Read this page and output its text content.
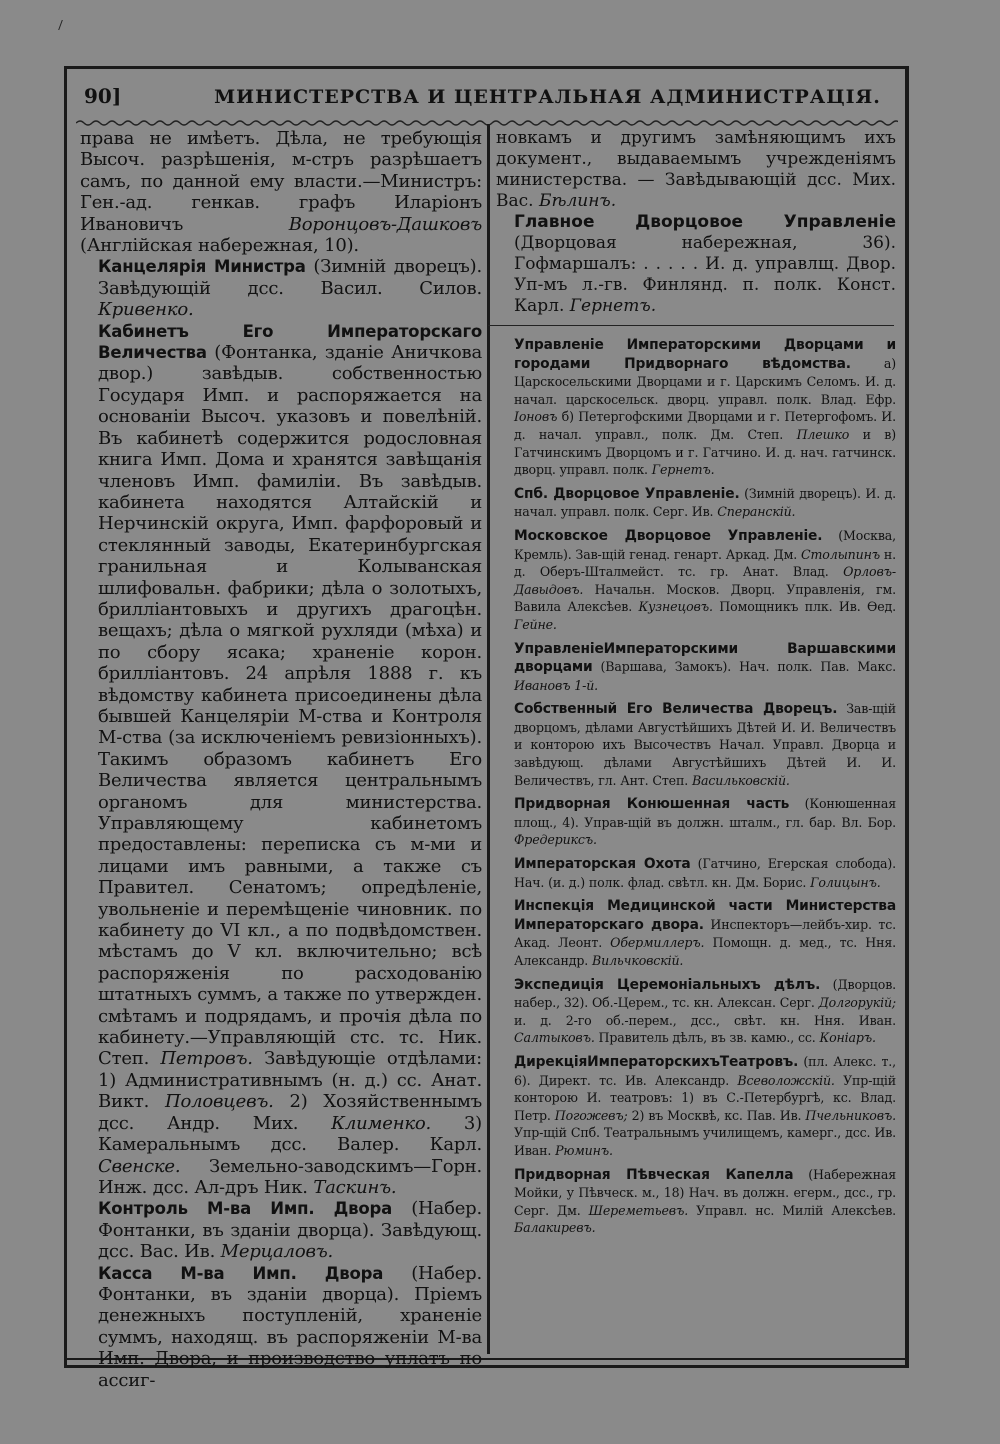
90]	МИНИСТЕРСТВА И ЦЕНТРАЛЬНАЯ АДМИНИСТРАЦІЯ.

права не имѣетъ. Дѣла, не требующія Высоч. разрѣшенія, м-стръ разрѣшаетъ самъ, по данной ему власти.—Министръ: Ген.-ад. генкав. графъ Иларіонъ Ивановичъ Воронцовъ-Дашковъ (Англійская набережная, 10).

Канцелярія Министра (Зимній дворецъ). Завѣдующій дсс. Васил. Силов. Кривенко.

Кабинетъ Его Императорскаго Величества (Фонтанка, зданіе Аничкова двор.) завѣдыв. собственностью Государя Имп. и распоряжается на основаніи Высоч. указовъ и повелѣній. Въ кабинетѣ содержится родословная книга Имп. Дома и хранятся завѣщанія членовъ Имп. фамиліи. Въ завѣдыв. кабинета находятся Алтайскій и Нерчинскій округа, Имп. фарфоровый и стеклянный заводы, Екатеринбургская гранильная и Колыванская шлифовальн. фабрики; дѣла о золотыхъ, брилліантовыхъ и другихъ драгоцѣн. вещахъ; дѣла о мягкой рухляди (мѣха) и по сбору ясака; храненіе корон. брилліантовъ. 24 апрѣля 1888 г. къ вѣдомству кабинета присоединены дѣла бывшей Канцеляріи М-ства и Контроля М-ства (за исключеніемъ ревизіонныхъ). Такимъ образомъ кабинетъ Его Величества является центральнымъ органомъ для министерства. Управляющему кабинетомъ предоставлены: переписка съ м-ми и лицами имъ равными, а также съ Правител. Сенатомъ; опредѣленіе, увольненіе и перемѣщеніе чиновник. по кабинету до VI кл., а по подвѣдомствен. мѣстамъ до V кл. включительно; всѣ распоряженія по расходованію штатныхъ суммъ, а также по утвержден. смѣтамъ и подрядамъ, и прочія дѣла по кабинету.—Управляющій стс. тс. Ник. Степ. Петровъ. Завѣдующіе отдѣлами: 1) Административнымъ (н. д.) сс. Анат. Викт. Половцевъ. 2) Хозяйственнымъ дсс. Андр. Мих. Клименко. 3) Камеральнымъ дсс. Валер. Карл. Свенске. Земельно-заводскимъ—Горн. Инж. дсс. Ал-дръ Ник. Таскинъ.

Контроль М-ва Имп. Двора (Набер. Фонтанки, въ зданіи дворца). Завѣдующ. дсс. Вас. Ив. Мерцаловъ.

Касса М-ва Имп. Двора (Набер. Фонтанки, въ зданіи дворца). Пріемъ денежныхъ поступленій, храненіе суммъ, находящ. въ распоряженіи М-ва Имп. Двора, и производство уплатъ по ассиг-

новкамъ и другимъ замѣняющимъ ихъ документ., выдаваемымъ учрежденіямъ министерства. — Завѣдывающій дсс. Мих. Вас. Бѣлинъ.

Главное Дворцовое Управленіе (Дворцовая набережная, 36). Гофмаршалъ: . . . . . И. д. управлщ. Двор. Уп-мъ л.-гв. Финлянд. п. полк. Конст. Карл. Гернетъ.

Управленіе Императорскими Дворцами и городами Придворнаго вѣдомства. а) Царскосельскими Дворцами и г. Царскимъ Селомъ. И. д. начал. царскосельск. дворц. управл. полк. Влад. Ефр. Іоновъ б) Петергофскими Дворцами и г. Петергофомъ. И. д. начал. управл., полк. Дм. Степ. Плешко и в) Гатчинскимъ Дворцомъ и г. Гатчино. И. д. нач. гатчинск. дворц. управл. полк. Гернетъ.

Спб. Дворцовое Управленіе. (Зимній дворецъ). И. д. начал. управл. полк. Серг. Ив. Сперанскій.

Московское Дворцовое Управленіе. (Москва, Кремль). Зав-щій генад. генарт. Аркад. Дм. Столыпинъ н. д. Оберъ-Шталмейст. тс. гр. Анат. Влад. Орловъ-Давыдовъ. Начальн. Москов. Дворц. Управленія, гм. Вавила Алексѣев. Кузнецовъ. Помощникъ плк. Ив. Ѳед. Гейне.

УправленіеИмператорскими Варшавскими дворцами (Варшава, Замокъ). Нач. полк. Пав. Макс. Ивановъ 1-й.

Собственный Его Величества Дворецъ. Зав-щій дворцомъ, дѣлами Августѣйшихъ Дѣтей И. И. Величествъ и конторою ихъ Высочествъ Начал. Управл. Дворца и завѣдующ. дѣлами Августѣйшихъ Дѣтей И. И. Величествъ, гл. Ант. Степ. Васильковскій.

Придворная Конюшенная часть (Конюшенная площ., 4). Управ-щій въ должн. шталм., гл. бар. Вл. Бор. Фредериксъ.

Императорская Охота (Гатчино, Егерская слобода). Нач. (и. д.) полк. флад. свѣтл. кн. Дм. Борис. Голицынъ.

Инспекція Медицинской части Министерства Императорскаго двора. Инспекторъ—лейбъ-хир. тс. Акад. Леонт. Обермиллеръ. Помощн. д. мед., тс. Ння. Александр. Вильчковскій.

Экспедиція Церемоніальныхъ дѣлъ. (Дворцов. набер., 32). Об.-Церем., тс. кн. Алексан. Серг. Долгорукій; и. д. 2-го об.-перем., дсс., свѣт. кн. Ння. Иван. Салтыковъ. Правитель дѣлъ, въ зв. камю., сс. Коніаръ.

ДирекціяИмператорскихъТеатровъ. (пл. Алекс. т., 6). Директ. тс. Ив. Александр. Всеволожскій. Упр-щій конторою И. театровъ: 1) въ С.-Петербургѣ, кс. Влад. Петр. Погожевъ; 2) въ Москвѣ, кс. Пав. Ив. Пчельниковъ. Упр-щій Спб. Театральнымъ училищемъ, камерг., дсс. Ив. Иван. Рюминъ.

Придворная Пѣвческая Капелла (Набережная Мойки, у Пѣвческ. м., 18) Нач. въ должн. егерм., дсс., гр. Серг. Дм. Шереметьевъ. Управл. нс. Милій Алексѣев. Балакиревъ.
